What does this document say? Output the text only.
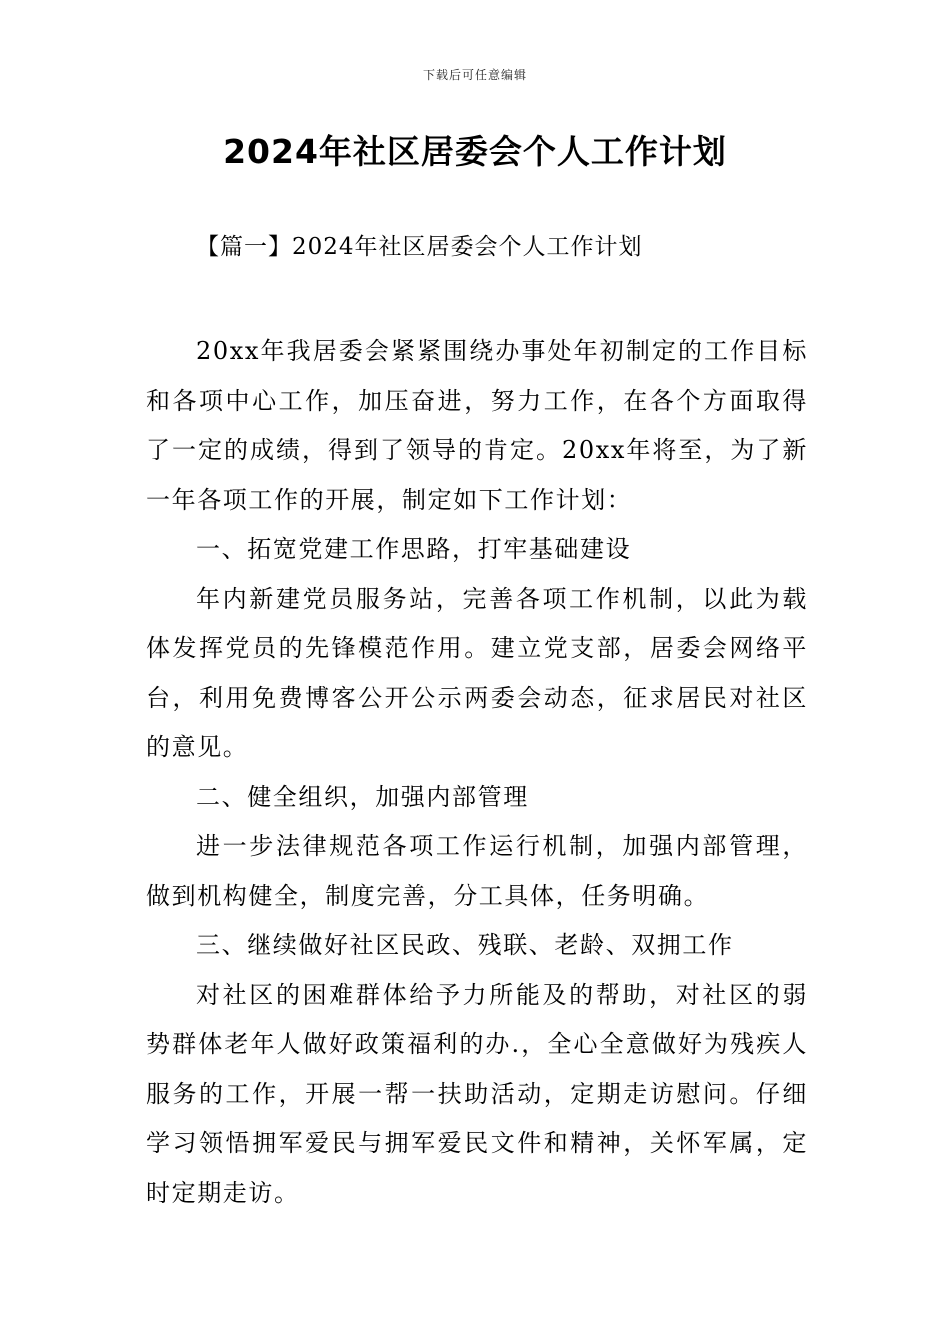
下载后可任意编辑
2024年社区居委会个人工作计划
【篇一】2024年社区居委会个人工作计划

20xx年我居委会紧紧围绕办事处年初制定的工作目标和各项中心工作，加压奋进，努力工作，在各个方面取得了一定的成绩，得到了领导的肯定。20xx年将至，为了新一年各项工作的开展，制定如下工作计划：

一、拓宽党建工作思路，打牢基础建设

年内新建党员服务站，完善各项工作机制，以此为载体发挥党员的先锋模范作用。建立党支部，居委会网络平台，利用免费博客公开公示两委会动态，征求居民对社区的意见。

二、健全组织，加强内部管理

进一步法律规范各项工作运行机制，加强内部管理，做到机构健全，制度完善，分工具体，任务明确。

三、继续做好社区民政、残联、老龄、双拥工作

对社区的困难群体给予力所能及的帮助，对社区的弱势群体老年人做好政策福利的办.，全心全意做好为残疾人服务的工作，开展一帮一扶助活动，定期走访慰问。仔细学习领悟拥军爱民与拥军爱民文件和精神，关怀军属，定时定期走访。
